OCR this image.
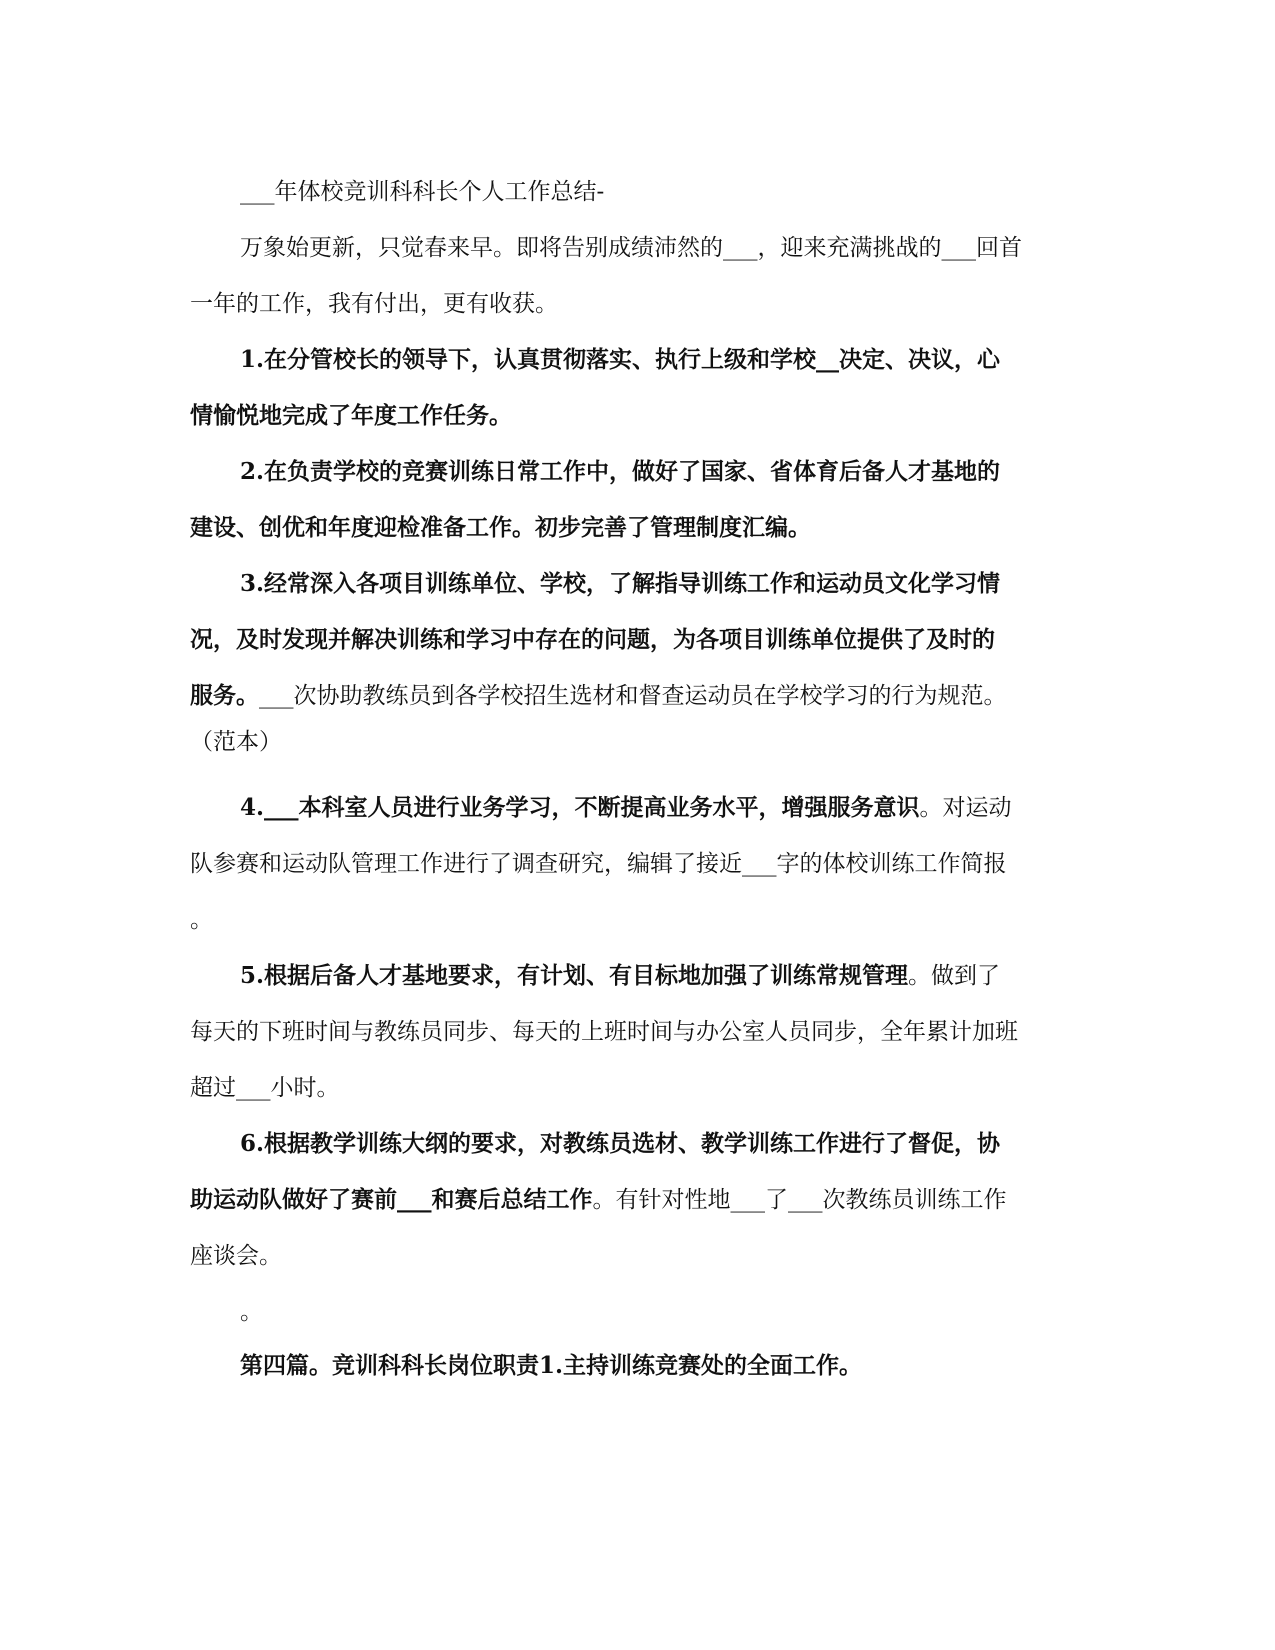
___年体校竞训科科长个人工作总结-
万象始更新，只觉春来早。即将告别成绩沛然的___，迎来充满挑战的___回首
一年的工作，我有付出，更有收获。
1.在分管校长的领导下，认真贯彻落实、执行上级和学校__决定、决议，心
情愉悦地完成了年度工作任务。
2.在负责学校的竞赛训练日常工作中，做好了国家、省体育后备人才基地的
建设、创优和年度迎检准备工作。初步完善了管理制度汇编。
3.经常深入各项目训练单位、学校，了解指导训练工作和运动员文化学习情
况，及时发现并解决训练和学习中存在的问题，为各项目训练单位提供了及时的
服务。___次协助教练员到各学校招生选材和督查运动员在学校学习的行为规范。
（范本）
4.___本科室人员进行业务学习，不断提高业务水平，增强服务意识。对运动
队参赛和运动队管理工作进行了调查研究，编辑了接近___字的体校训练工作简报
。
5.根据后备人才基地要求，有计划、有目标地加强了训练常规管理。做到了
每天的下班时间与教练员同步、每天的上班时间与办公室人员同步，全年累计加班
超过___小时。
6.根据教学训练大纲的要求，对教练员选材、教学训练工作进行了督促，协
助运动队做好了赛前___和赛后总结工作。有针对性地___了___次教练员训练工作
座谈会。
。
第四篇。竞训科科长岗位职责1.主持训练竞赛处的全面工作。
